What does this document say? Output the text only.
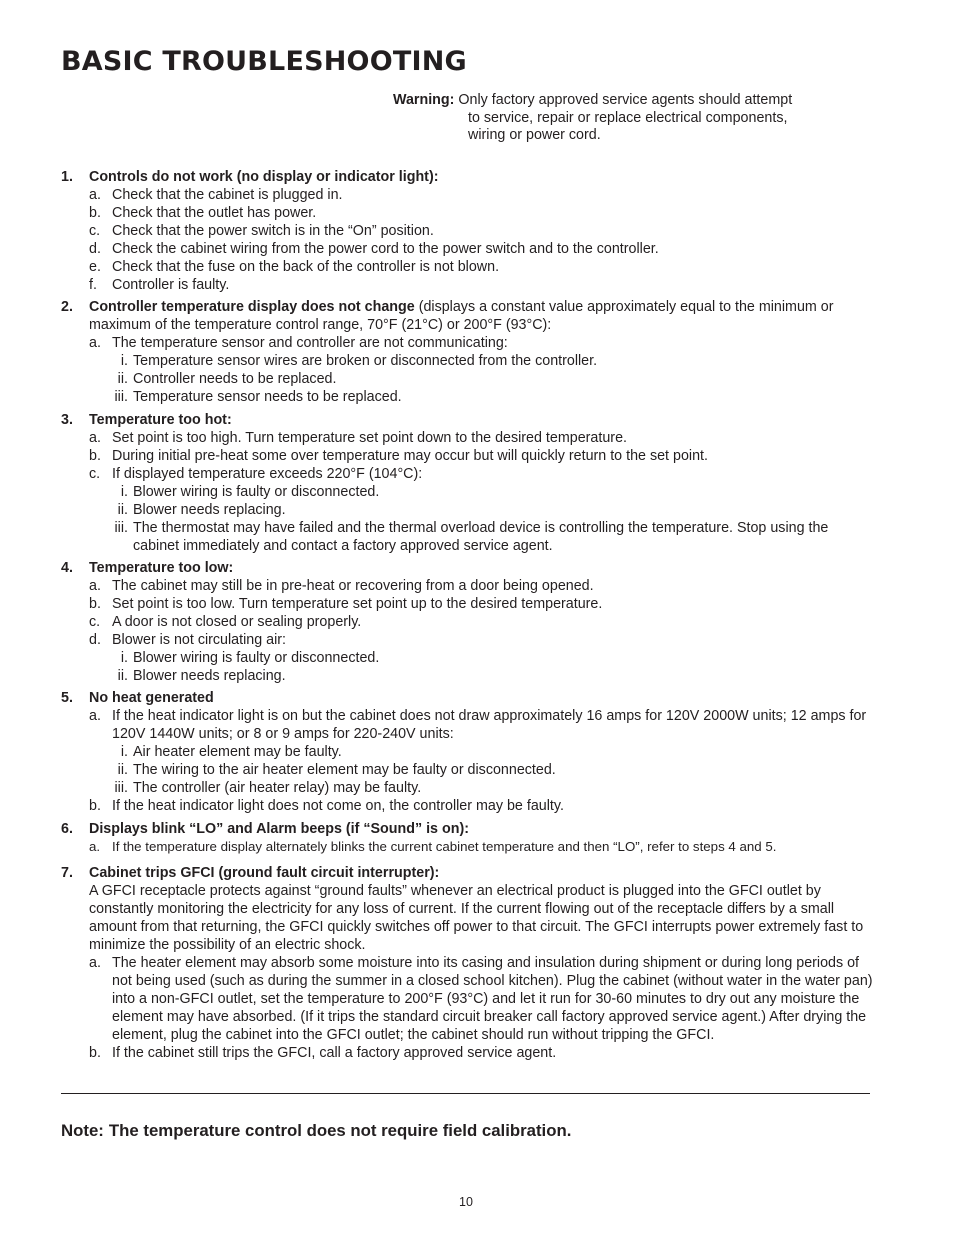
BASIC TROUBLESHOOTING
Warning: Only factory approved service agents should attempt
to service, repair or replace electrical components,
wiring or power cord.
1.	Controls do not work (no display or indicator light):
a. Check that the cabinet is plugged in.
b. Check that the outlet has power.
c. Check that the power switch is in the “On” position.
d. Check the cabinet wiring from the power cord to the power switch and to the controller.
e. Check that the fuse on the back of the controller is not blown.
f.	Controller is faulty.
2.	Controller temperature display does not change (displays a constant value approximately equal to the minimum or maximum of the temperature control range, 70°F (21°C) or 200°F (93°C):
a. The temperature sensor and controller are not communicating:
i. Temperature sensor wires are broken or disconnected from the controller.
ii. Controller needs to be replaced.
iii. Temperature sensor needs to be replaced.
3.	Temperature too hot:
a. Set point is too high. Turn temperature set point down to the desired temperature.
b. During initial pre-heat some over temperature may occur but will quickly return to the set point.
c. If displayed temperature exceeds 220°F (104°C):
i. Blower wiring is faulty or disconnected.
ii. Blower needs replacing.
iii. The thermostat may have failed and the thermal overload device is controlling the temperature. Stop using the cabinet immediately and contact a factory approved service agent.
4.	Temperature too low:
a. The cabinet may still be in pre-heat or recovering from a door being opened.
b. Set point is too low. Turn temperature set point up to the desired temperature.
c. A door is not closed or sealing properly.
d. Blower is not circulating air:
i. Blower wiring is faulty or disconnected.
ii. Blower needs replacing.
5.	No heat generated
a. If the heat indicator light is on but the cabinet does not draw approximately 16 amps for 120V 2000W units; 12 amps for 120V 1440W units; or 8 or 9 amps for 220-240V units:
i. Air heater element may be faulty.
ii. The wiring to the air heater element may be faulty or disconnected.
iii. The controller (air heater relay) may be faulty.
b. If the heat indicator light does not come on, the controller may be faulty.
6.	Displays blink “LO” and Alarm beeps (if “Sound” is on):
a. If the temperature display alternately blinks the current cabinet temperature and then “LO”, refer to steps 4 and 5.
7.	Cabinet trips GFCI (ground fault circuit interrupter):
A GFCI receptacle protects against “ground faults” whenever an electrical product is plugged into the GFCI outlet by constantly monitoring the electricity for any loss of current. If the current flowing out of the receptacle differs by a small amount from that returning, the GFCI quickly switches off power to that circuit. The GFCI interrupts power extremely fast to minimize the possibility of an electric shock.
a. The heater element may absorb some moisture into its casing and insulation during shipment or during long periods of not being used (such as during the summer in a closed school kitchen). Plug the cabinet (without water in the water pan) into a non-GFCI outlet, set the temperature to 200°F (93°C) and let it run for 30-60 minutes to dry out any moisture the element may have absorbed. (If it trips the standard circuit breaker call factory approved service agent.) After drying the element, plug the cabinet into the GFCI outlet; the cabinet should run without tripping the GFCI.
b. If the cabinet still trips the GFCI, call a factory approved service agent.
Note: The temperature control does not require field calibration.
10
